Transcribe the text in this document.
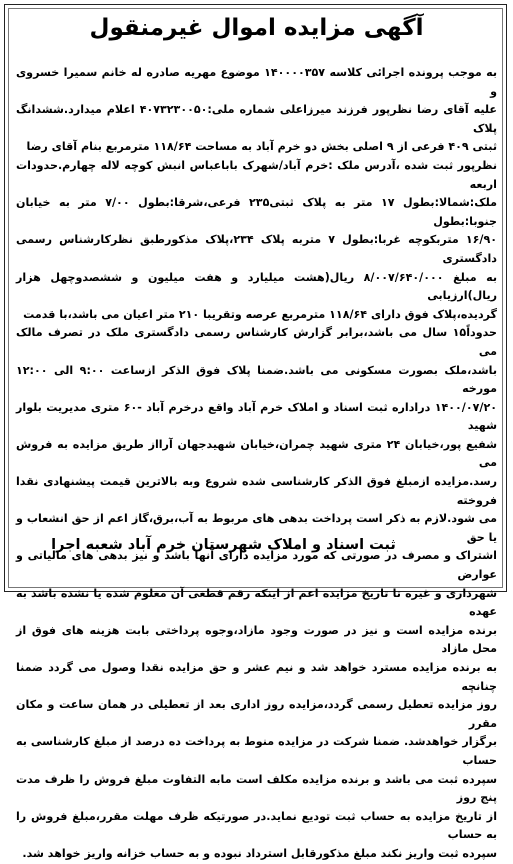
آگهی مزایده اموال غیرمنقول
به موجب پرونده اجرائی کلاسه ۱۴۰۰۰۰۳۵۷ موضوع مهریه صادره له خانم سمیرا خسروی و
علیه آقای رضا نظرپور فرزند میرزاعلی شماره ملی:۴۰۷۳۲۳۰۰۵۰ اعلام میدارد.ششدانگ پلاک
ثبتی ۴۰۹ فرعی از ۹ اصلی بخش دو خرم آباد به مساحت ۱۱۸/۶۴ مترمربع بنام آقای رضا
نظرپور ثبت شده ،آدرس ملک :خرم آباد/شهرک باباعباس انبش کوچه لاله چهارم.حدودات اربعه
ملک:شمالا:بطول ۱۷ متر به پلاک ثبتی۲۳۵ فرعی،شرقا:بطول ۷/۰۰ متر به خیابان جنوبا:بطول
۱۶/۹۰ متربکوچه غربا:بطول ۷ متربه پلاک ۲۳۴،پلاک مذکورطبق نظرکارشناس رسمی دادگستری
به مبلغ ۸/۰۰۷/۶۴۰/۰۰۰ ریال(هشت میلیارد و هفت میلیون و ششصدوچهل هزار ریال)ارزیابی
گردیده،پلاک فوق دارای ۱۱۸/۶۴ مترمربع عرصه وتقریبا ۲۱۰ متر اعیان می باشد،با قدمت
حدوداً۱۵ سال می باشد،برابر گزارش کارشناس رسمی دادگستری ملک در تصرف مالک می
باشد،ملک بصورت مسکونی می باشد.ضمنا پلاک فوق الذکر ازساعت ۹:۰۰ الی ۱۲:۰۰ مورخه
۱۴۰۰/۰۷/۲۰ دراداره ثبت اسناد و املاک خرم آباد واقع درخرم آباد -۶۰ متری مدیریت بلوار شهید
شفیع پور،خیابان ۲۴ متری شهید چمران،خیابان شهیدجهان آرااز طریق مزایده به فروش می
رسد.مزایده ازمبلغ فوق الذکر کارشناسی شده شروع وبه بالاترین قیمت پیشنهادی نقدا فروخته
می شود.لازم به ذکر است پرداخت بدهی های مربوط به آب،برق،گاز اعم از حق انشعاب و یا حق
اشتراک و مصرف در صورتی که مورد مزایده دارای آنها باشد و نیز بدهی های مالیاتی و عوارض
شهرداری و غیره تا تاریخ مزایده اعم از اینکه رقم قطعی آن معلوم شده یا نشده باشد به عهده
برنده مزایده است و نیز در صورت وجود مازاد،وجوه پرداختی بابت هزینه های فوق از محل مازاد
به برنده مزایده مسترد خواهد شد و نیم عشر و حق مزایده نقدا وصول می گردد ضمنا چنانچه
روز مزایده تعطیل رسمی گردد،مزایده روز اداری بعد از تعطیلی در همان ساعت و مکان مقرر
برگزار خواهدشد. ضمنا شرکت در مزایده منوط به پرداخت ده درصد از مبلغ کارشناسی به حساب
سپرده ثبت می باشد و برنده مزایده مکلف است مابه التفاوت مبلغ فروش را ظرف مدت پنج روز
از تاریخ مزایده به حساب ثبت تودیع نماید.در صورتیکه ظرف مهلت مقرر،مبلغ فروش را به حساب
سپرده ثبت واریز نکند مبلغ مذکورقابل استرداد نبوده و به حساب خزانه واریز خواهد شد.
ثبت اسناد و املاک شهرستان خرم آباد شعبه اجرا
